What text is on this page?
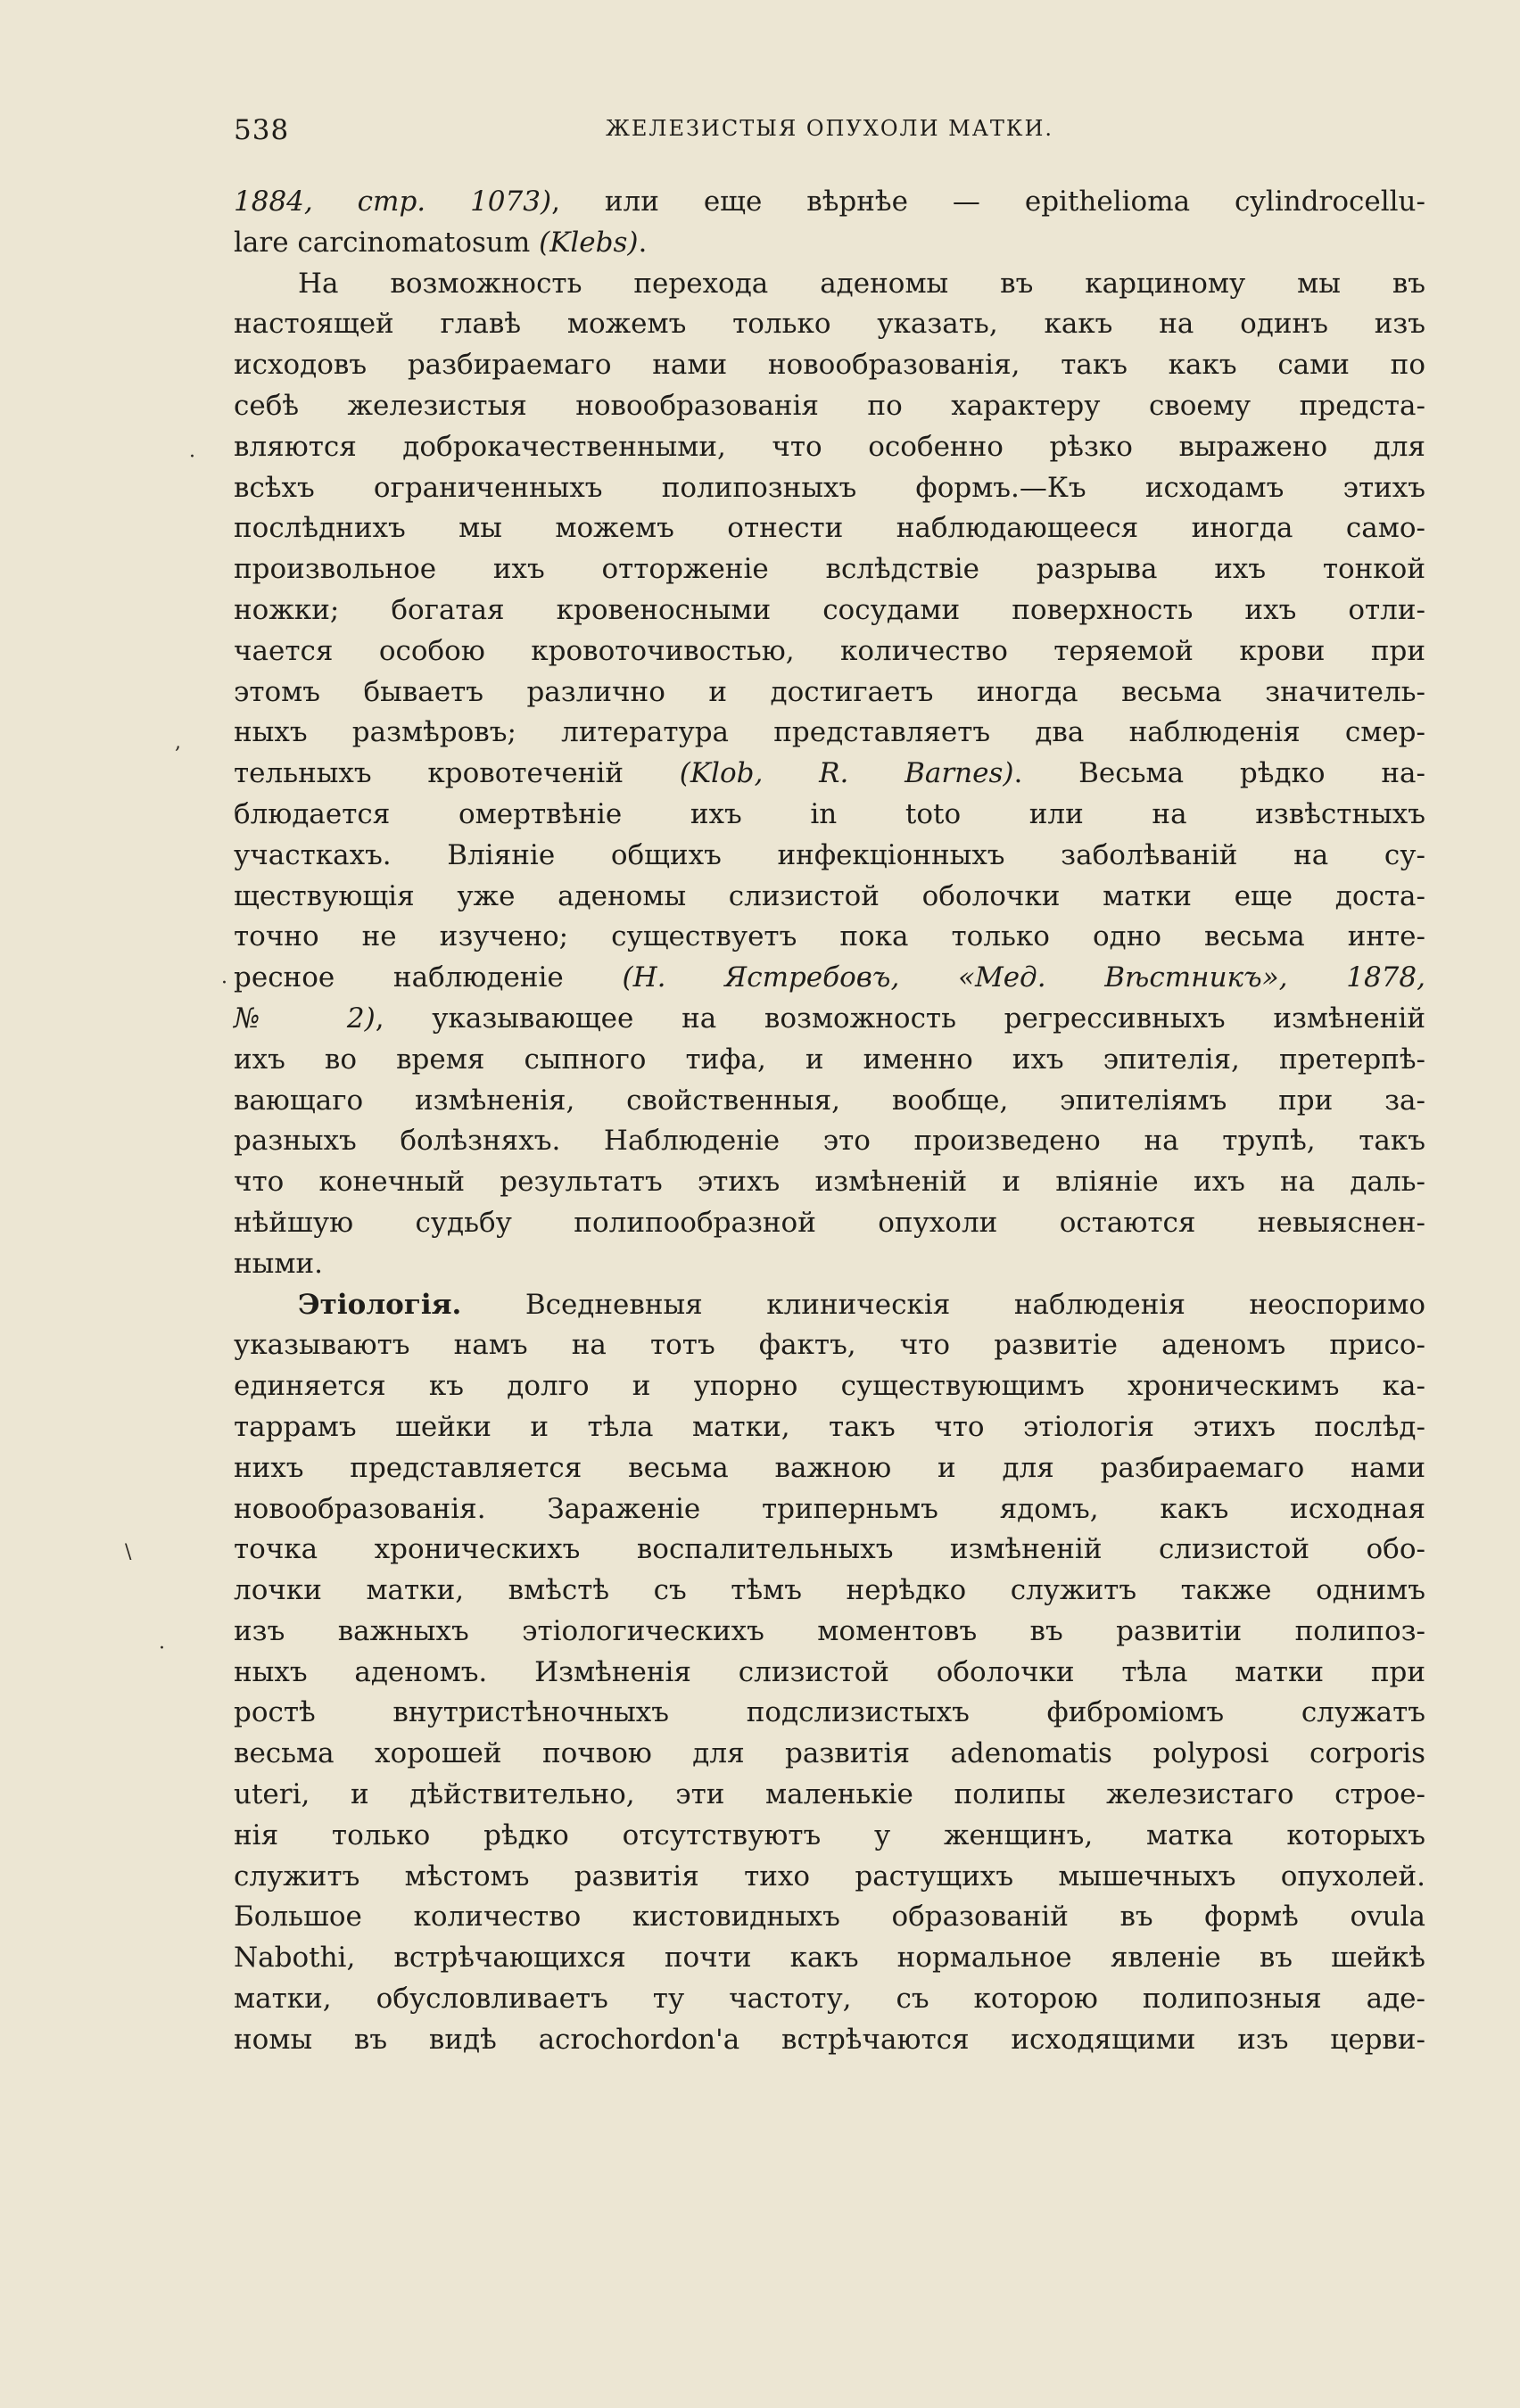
538	ЖЕЛЕЗИСТЫЯ ОПУХОЛИ МАТКИ.
1884, стр. 1073), или еще вѣрнѣе — epithelioma cylindrocellu-
lare carcinomatosum (Klebs).
На возможность перехода аденомы въ карциному мы въ
настоящей главѣ можемъ только указать, какъ на одинъ изъ
исходовъ разбираемаго нами новообразованія, такъ какъ сами по
себѣ железистыя новообразованія по характеру своему предста-
вляются доброкачественными, что особенно рѣзко выражено для
всѣхъ ограниченныхъ полипозныхъ формъ.—Къ исходамъ этихъ
послѣднихъ мы можемъ отнести наблюдающееся иногда само-
произвольное ихъ отторженіе вслѣдствіе разрыва ихъ тонкой
ножки; богатая кровеносными сосудами поверхность ихъ отли-
чается особою кровоточивостью, количество теряемой крови при
этомъ бываетъ различно и достигаетъ иногда весьма значитель-
ныхъ размѣровъ; литература представляетъ два наблюденія смер-
тельныхъ кровотеченій (Klob, R. Barnes). Весьма рѣдко на-
блюдается омертвѣніе ихъ in toto или на извѣстныхъ
участкахъ. Вліяніе общихъ инфекціонныхъ заболѣваній на су-
ществующія уже аденомы слизистой оболочки матки еще доста-
точно не изучено; существуетъ пока только одно весьма инте-
ресное наблюденіе (Н. Ястребовъ, «Мед. Вѣстникъ», 1878,
№ 2), указывающее на возможность регрессивныхъ измѣненій
ихъ во время сыпного тифа, и именно ихъ эпителія, претерпѣ-
вающаго измѣненія, свойственныя, вообще, эпителіямъ при за-
разныхъ болѣзняхъ. Наблюденіе это произведено на трупѣ, такъ
что конечный результатъ этихъ измѣненій и вліяніе ихъ на даль-
нѣйшую судьбу полипообразной опухоли остаются невыяснен-
ными.
Этіологія. Вседневныя клиническія наблюденія неоспоримо
указываютъ намъ на тотъ фактъ, что развитіе аденомъ присо-
единяется къ долго и упорно существующимъ хроническимъ ка-
таррамъ шейки и тѣла матки, такъ что этіологія этихъ послѣд-
нихъ представляется весьма важною и для разбираемаго нами
новообразованія. Зараженіе триперньмъ ядомъ, какъ исходная
точка хроническихъ воспалительныхъ измѣненій слизистой обо-
лочки матки, вмѣстѣ съ тѣмъ нерѣдко служитъ также однимъ
изъ важныхъ этіологическихъ моментовъ въ развитіи полипоз-
ныхъ аденомъ. Измѣненія слизистой оболочки тѣла матки при
ростѣ внутристѣночныхъ подслизистыхъ фиброміомъ служатъ
весьма хорошей почвою для развитія adenomatis polyposi corporis
uteri, и дѣйствительно, эти маленькіе полипы железистаго строе-
нія только рѣдко отсутствуютъ у женщинъ, матка которыхъ
служитъ мѣстомъ развитія тихо растущихъ мышечныхъ опухолей.
Большое количество кистовидныхъ образованій въ формѣ ovula
Nabothi, встрѣчающихся почти какъ нормальное явленіе въ шейкѣ
матки, обусловливаетъ ту частоту, съ которою полипозныя аде-
номы въ видѣ acrochordon'а встрѣчаются исходящими изъ церви-
·
,
·
\
·
